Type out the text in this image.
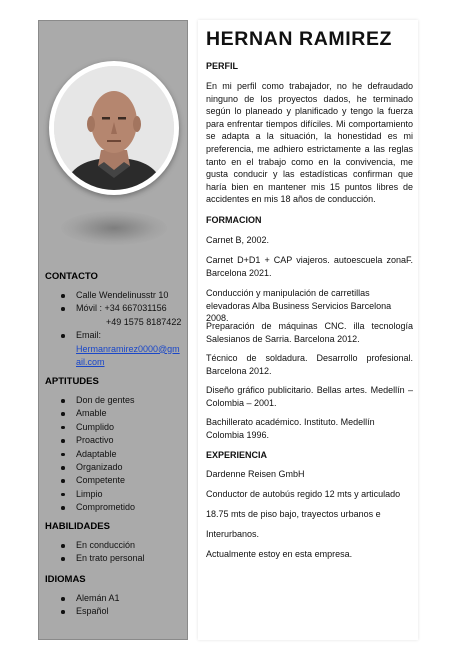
CONTACTO
Calle Wendelinusstr 10
Móvil : +34 667031156
+49 1575 8187422
Email:
Hermanramirez0000@gmail.com
APTITUDES
Don de gentes
Amable
Cumplido
Proactivo
Adaptable
Organizado
Competente
Limpio
Comprometido
HABILIDADES
En conducción
En trato personal
IDIOMAS
Alemán A1
Español
HERNAN RAMIREZ
PERFIL
En mi perfil como trabajador, no he defraudado ninguno de los proyectos dados, he terminado según lo planeado y planificado y tengo la fuerza para enfrentar tiempos difíciles. Mi comportamiento se adapta a la situación, la honestidad es mi preferencia, me adhiero estrictamente a las reglas tanto en el trabajo como en la convivencia, me gusta conducir y las estadísticas confirman que haría bien en mantener mis 15 puntos libres de accidentes en mis 18 años de conducción.
FORMACION
Carnet B, 2002.
Carnet D+D1 + CAP viajeros. autoescuela zonaF. Barcelona 2021.
Conducción y manipulación de carretillas elevadoras Alba Business Servicios Barcelona 2008.
Preparación de máquinas CNC. illa tecnología Salesianos de Sarria. Barcelona 2012.
Técnico de soldadura. Desarrollo profesional. Barcelona 2012.
Diseño gráfico publicitario. Bellas artes. Medellín – Colombia – 2001.
Bachillerato académico. Instituto. Medellín Colombia 1996.
EXPERIENCIA
Dardenne Reisen GmbH
Conductor de autobús regido 12 mts y articulado
18.75 mts de piso bajo, trayectos urbanos e
Interurbanos.
Actualmente estoy en esta empresa.
